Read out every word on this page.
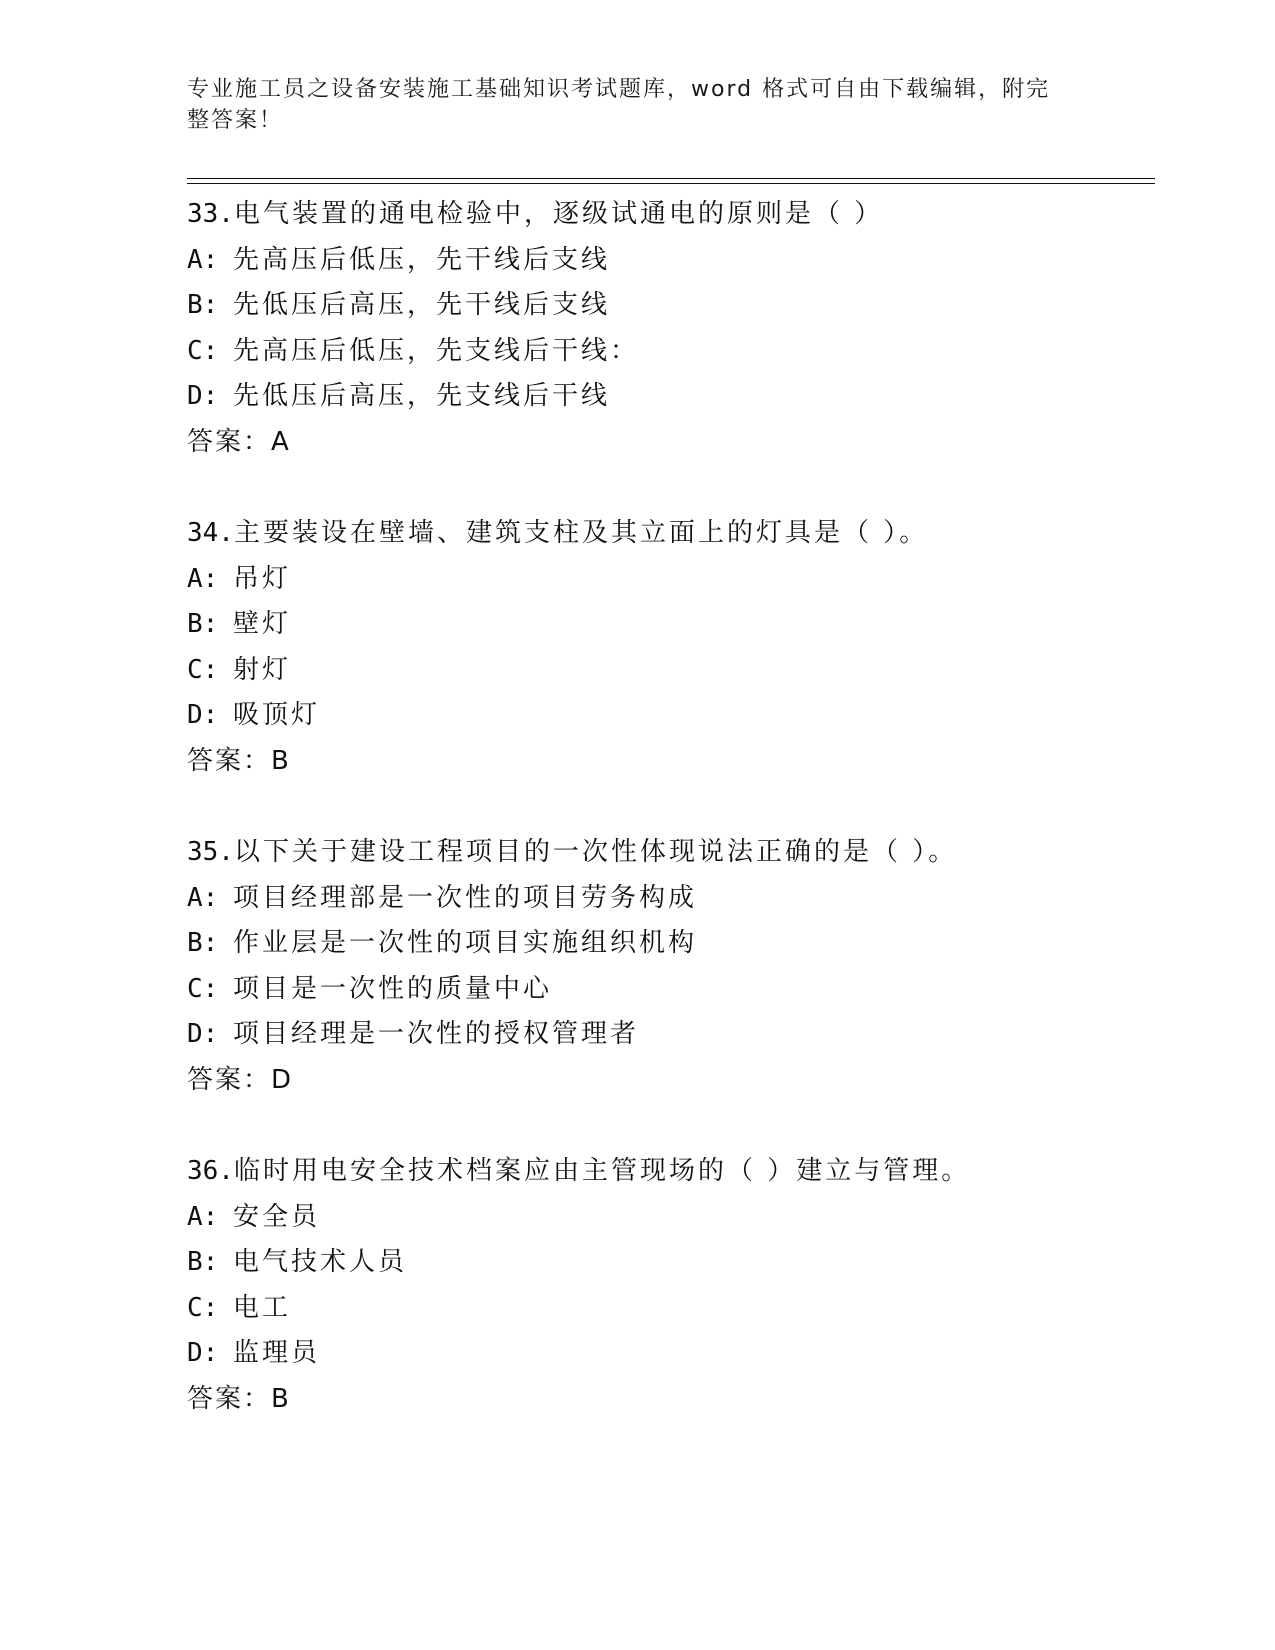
专业施工员之设备安装施工基础知识考试题库，word 格式可自由下载编辑，附完整答案！
33.电气装置的通电检验中，逐级试通电的原则是（ ）
A: 先高压后低压，先干线后支线
B: 先低压后高压，先干线后支线
C: 先高压后低压，先支线后干线：
D: 先低压后高压，先支线后干线
答案：A
34.主要装设在壁墙、建筑支柱及其立面上的灯具是（ ）。
A: 吊灯
B: 壁灯
C: 射灯
D: 吸顶灯
答案：B
35.以下关于建设工程项目的一次性体现说法正确的是（ ）。
A: 项目经理部是一次性的项目劳务构成
B: 作业层是一次性的项目实施组织机构
C: 项目是一次性的质量中心
D: 项目经理是一次性的授权管理者
答案：D
36.临时用电安全技术档案应由主管现场的（ ）建立与管理。
A: 安全员
B: 电气技术人员
C: 电工
D: 监理员
答案：B
